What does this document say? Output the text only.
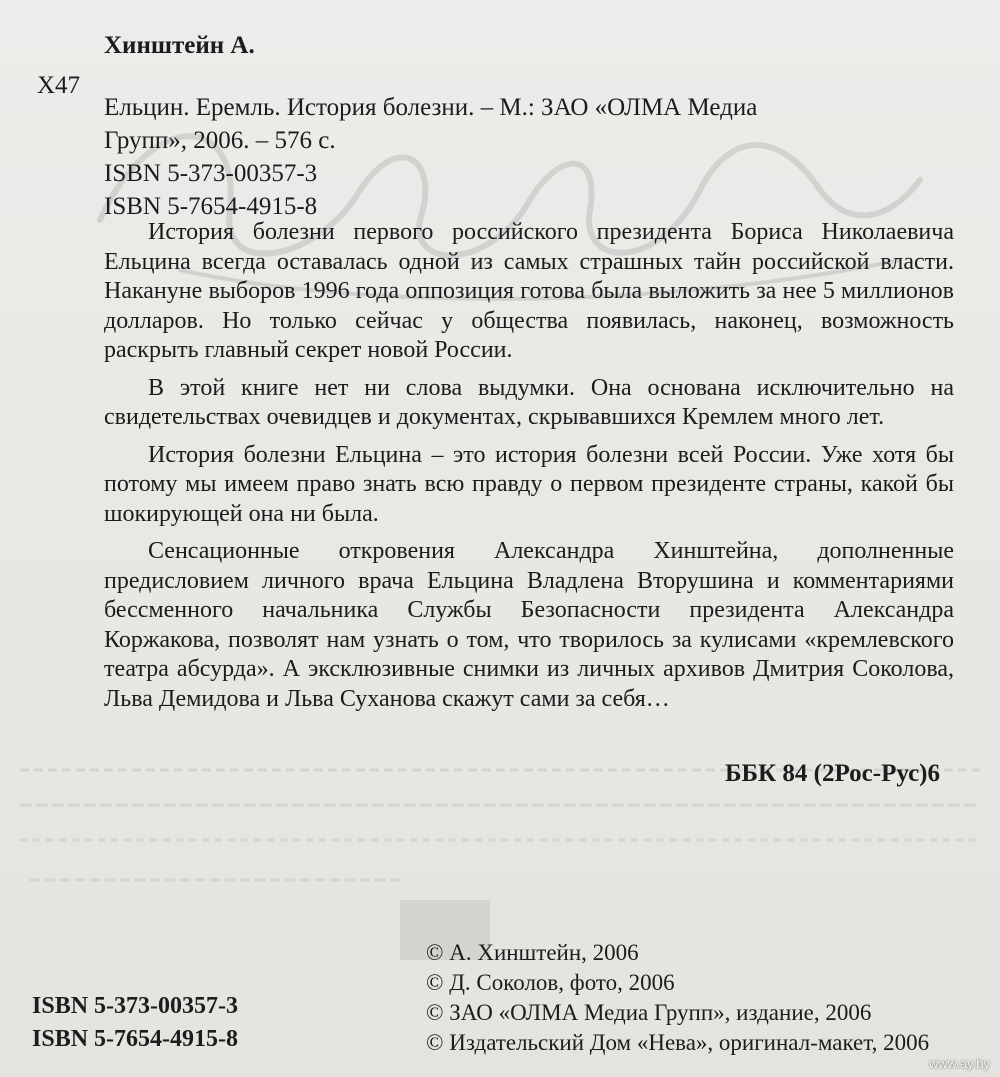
Хинштейн А.
Х47

Ельцин. Еремль. История болезни. – М.: ЗАО «ОЛМА Медиа

Групп», 2006. – 576 с.

ISBN 5-373-00357-3

ISBN 5-7654-4915-8

История болезни первого российского президента Бориса Николаевича Ельцина всегда оставалась одной из самых страшных тайн российской власти. Накануне выборов 1996 года оппозиция готова была выложить за нее 5 миллионов долларов. Но только сейчас у общества появилась, наконец, возможность раскрыть главный секрет новой России.

В этой книге нет ни слова выдумки. Она основана исключительно на свидетельствах очевидцев и документах, скрывавшихся Кремлем много лет.

История болезни Ельцина – это история болезни всей России. Уже хотя бы потому мы имеем право знать всю правду о первом президенте страны, какой бы шокирующей она ни была.

Сенсационные откровения Александра Хинштейна, дополненные предисловием личного врача Ельцина Владлена Вторушина и комментариями бессменного начальника Службы Безопасности президента Александра Коржакова, позволят нам узнать о том, что творилось за кулисами «кремлевского театра абсурда». А эксклюзивные снимки из личных архивов Дмитрия Соколова, Льва Демидова и Льва Суханова скажут сами за себя…

ББК 84 (2Рос-Рус)6
© А. Хинштейн, 2006
© Д. Соколов, фото, 2006
© ЗАО «ОЛМА Медиа Групп», издание, 2006
© Издательский Дом «Нева», оригинал-макет, 2006
ISBN 5-373-00357-3
ISBN 5-7654-4915-8
www.ay.by
